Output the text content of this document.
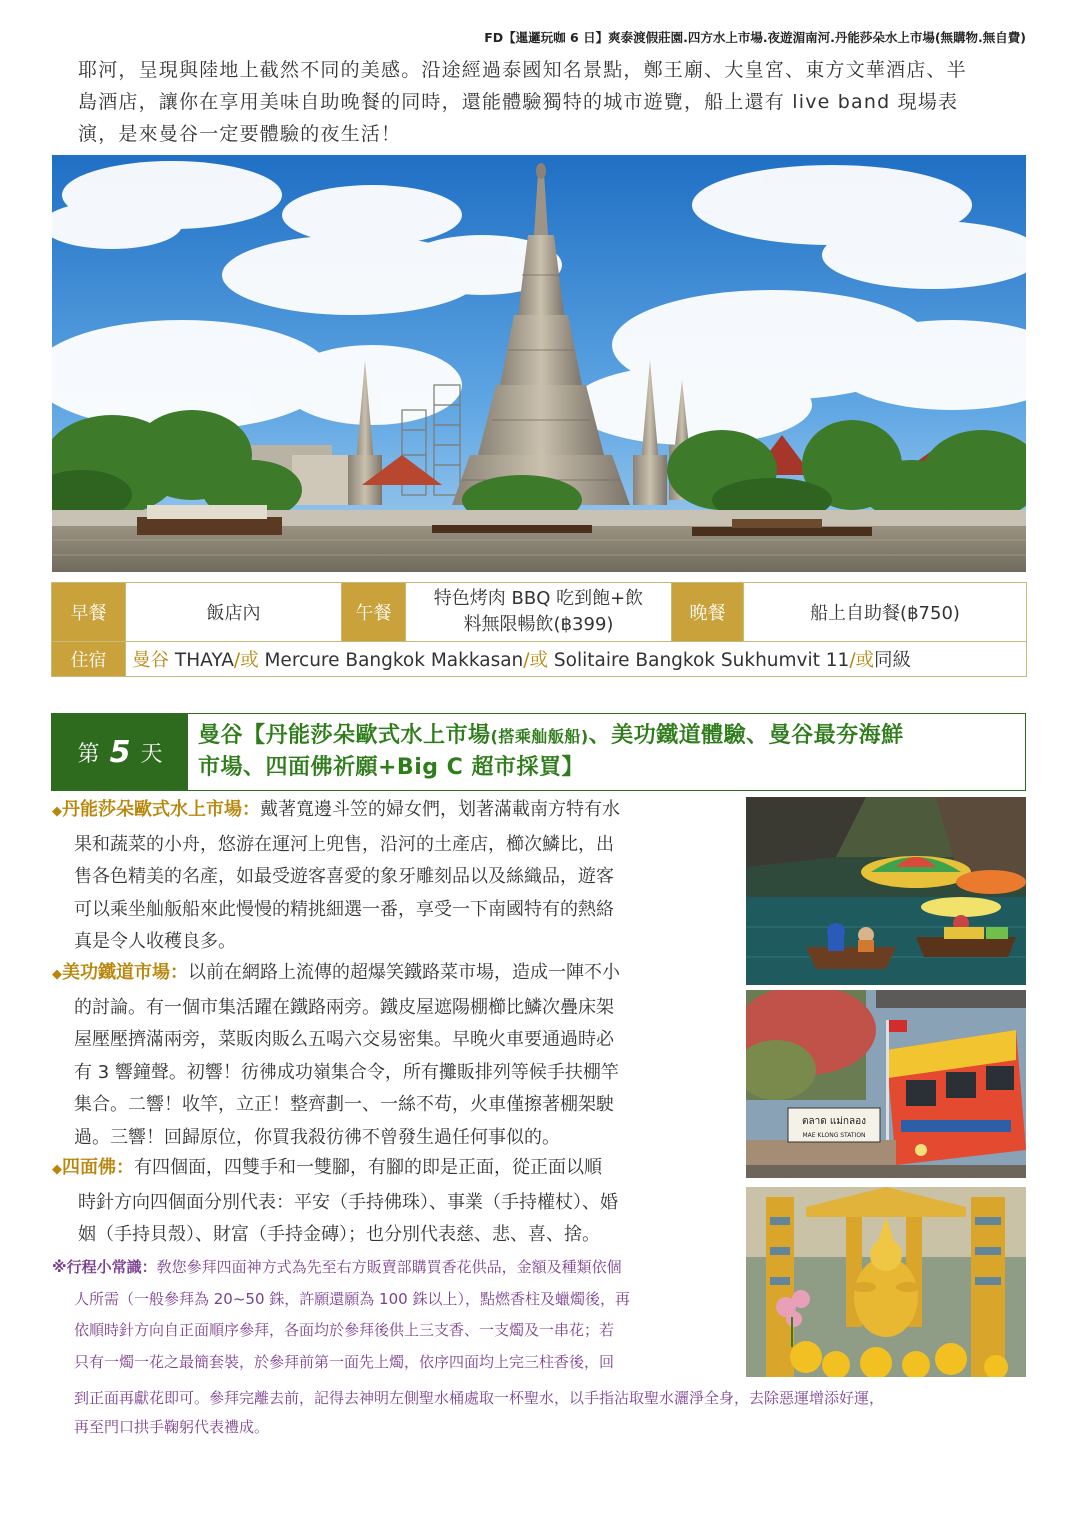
FD【暹邏玩咖 6 日】爽泰渡假莊園.四方水上市場.夜遊湄南河.丹能莎朵水上市場(無購物.無自費)

耶河，呈現與陸地上截然不同的美感。沿途經過泰國知名景點，鄭王廟、大皇宮、東方文華酒店、半

島酒店，讓你在享用美味自助晚餐的同時，還能體驗獨特的城市遊覽，船上還有 live band 現場表

演，是來曼谷一定要體驗的夜生活！

早餐	飯店內	午餐	特色烤肉 BBQ 吃到飽+飲
料無限暢飲(฿399)	晚餐	船上自助餐(฿750)
住宿	曼谷 THAYA/或 Mercure Bangkok Makkasan/或 Solitaire Bangkok Sukhumvit 11/或同級				
第 5 天
曼谷【丹能莎朵歐式水上市場(搭乘舢舨船)、美功鐵道體驗、曼谷最夯海鮮
市場、四面佛祈願+Big C 超市採買】
◆丹能莎朵歐式水上市場：戴著寬邊斗笠的婦女們，划著滿載南方特有水
果和蔬菜的小舟，悠游在運河上兜售，沿河的土產店，櫛次鱗比，出
售各色精美的名產，如最受遊客喜愛的象牙雕刻品以及絲織品，遊客
可以乘坐舢舨船來此慢慢的精挑細選一番，享受一下南國特有的熱絡
真是令人收穫良多。
◆美功鐵道市場：以前在網路上流傳的超爆笑鐵路菜市場，造成一陣不小
的討論。有一個市集活躍在鐵路兩旁。鐵皮屋遮陽棚櫛比鱗次疊床架
屋壓壓擠滿兩旁，菜販肉販么五喝六交易密集。早晚火車要通過時必
有 3 響鐘聲。初響！彷彿成功嶺集合令，所有攤販排列等候手扶棚竿
集合。二響！收竿，立正！整齊劃一、一絲不苟，火車僅擦著棚架駛
過。三響！回歸原位，你買我殺彷彿不曾發生過任何事似的。
◆四面佛：有四個面，四雙手和一雙腳，有腳的即是正面，從正面以順
時針方向四個面分別代表：平安（手持佛珠）、事業（手持權杖）、婚
姻（手持貝殼）、財富（手持金磚）；也分別代表慈、悲、喜、捨。
※行程小常識：敎您參拜四面神方式為先至右方販賣部購買香花供品，金額及種類依個
人所需（一般參拜為 20~50 銖，許願還願為 100 銖以上），點燃香柱及蠟燭後，再
依順時針方向自正面順序參拜，各面均於參拜後供上三支香、一支燭及一串花；若
只有一燭一花之最簡套裝，於參拜前第一面先上燭，依序四面均上完三柱香後，回
到正面再獻花即可。參拜完離去前，記得去神明左側聖水桶處取一杯聖水，以手指沾取聖水灑淨全身，去除惡運增添好運，
再至門口拱手鞠躬代表禮成。
ตลาด แม่กลอง
MAE KLONG STATION
